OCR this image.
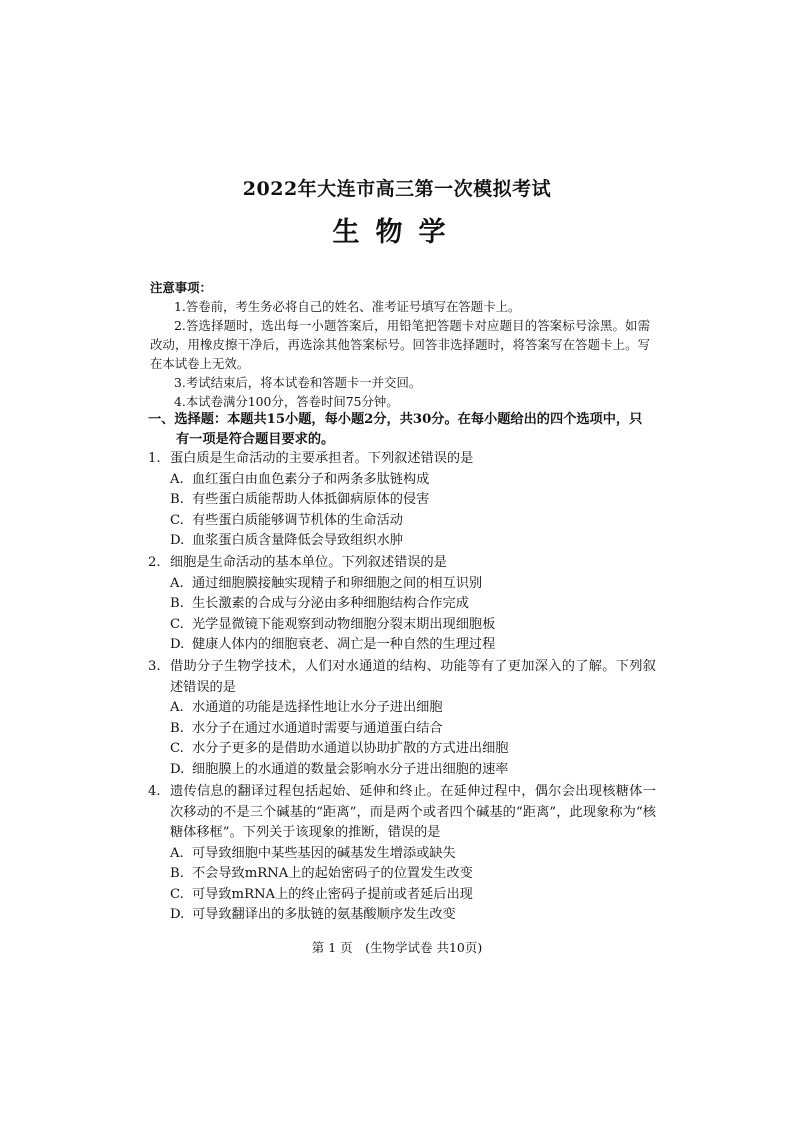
2022年大连市高三第一次模拟考试
生物学
注意事项：
1.答卷前，考生务必将自己的姓名、准考证号填写在答题卡上。
2.答选择题时，选出每一小题答案后，用铅笔把答题卡对应题目的答案标号涂黑。如需改动，用橡皮擦干净后，再选涂其他答案标号。回答非选择题时，将答案写在答题卡上。写在本试卷上无效。
3.考试结束后，将本试卷和答题卡一并交回。
4.本试卷满分100分，答卷时间75分钟。
一、选择题：本题共15小题，每小题2分，共30分。在每小题给出的四个选项中，只
有一项是符合题目要求的。
1. 蛋白质是生命活动的主要承担者。下列叙述错误的是
A. 血红蛋白由血色素分子和两条多肽链构成
B. 有些蛋白质能帮助人体抵御病原体的侵害
C. 有些蛋白质能够调节机体的生命活动
D. 血浆蛋白质含量降低会导致组织水肿
2. 细胞是生命活动的基本单位。下列叙述错误的是
A. 通过细胞膜接触实现精子和卵细胞之间的相互识别
B. 生长激素的合成与分泌由多种细胞结构合作完成
C. 光学显微镜下能观察到动物细胞分裂末期出现细胞板
D. 健康人体内的细胞衰老、凋亡是一种自然的生理过程
3. 借助分子生物学技术，人们对水通道的结构、功能等有了更加深入的了解。下列叙述错误的是
A. 水通道的功能是选择性地让水分子进出细胞
B. 水分子在通过水通道时需要与通道蛋白结合
C. 水分子更多的是借助水通道以协助扩散的方式进出细胞
D. 细胞膜上的水通道的数量会影响水分子进出细胞的速率
4. 遗传信息的翻译过程包括起始、延伸和终止。在延伸过程中，偶尔会出现核糖体一次移动的不是三个碱基的“距离”，而是两个或者四个碱基的“距离”，此现象称为“核糖体移框”。下列关于该现象的推断，错误的是
A. 可导致细胞中某些基因的碱基发生增添或缺失
B. 不会导致mRNA上的起始密码子的位置发生改变
C. 可导致mRNA上的终止密码子提前或者延后出现
D. 可导致翻译出的多肽链的氨基酸顺序发生改变
第 1 页　(生物学试卷 共10页)
